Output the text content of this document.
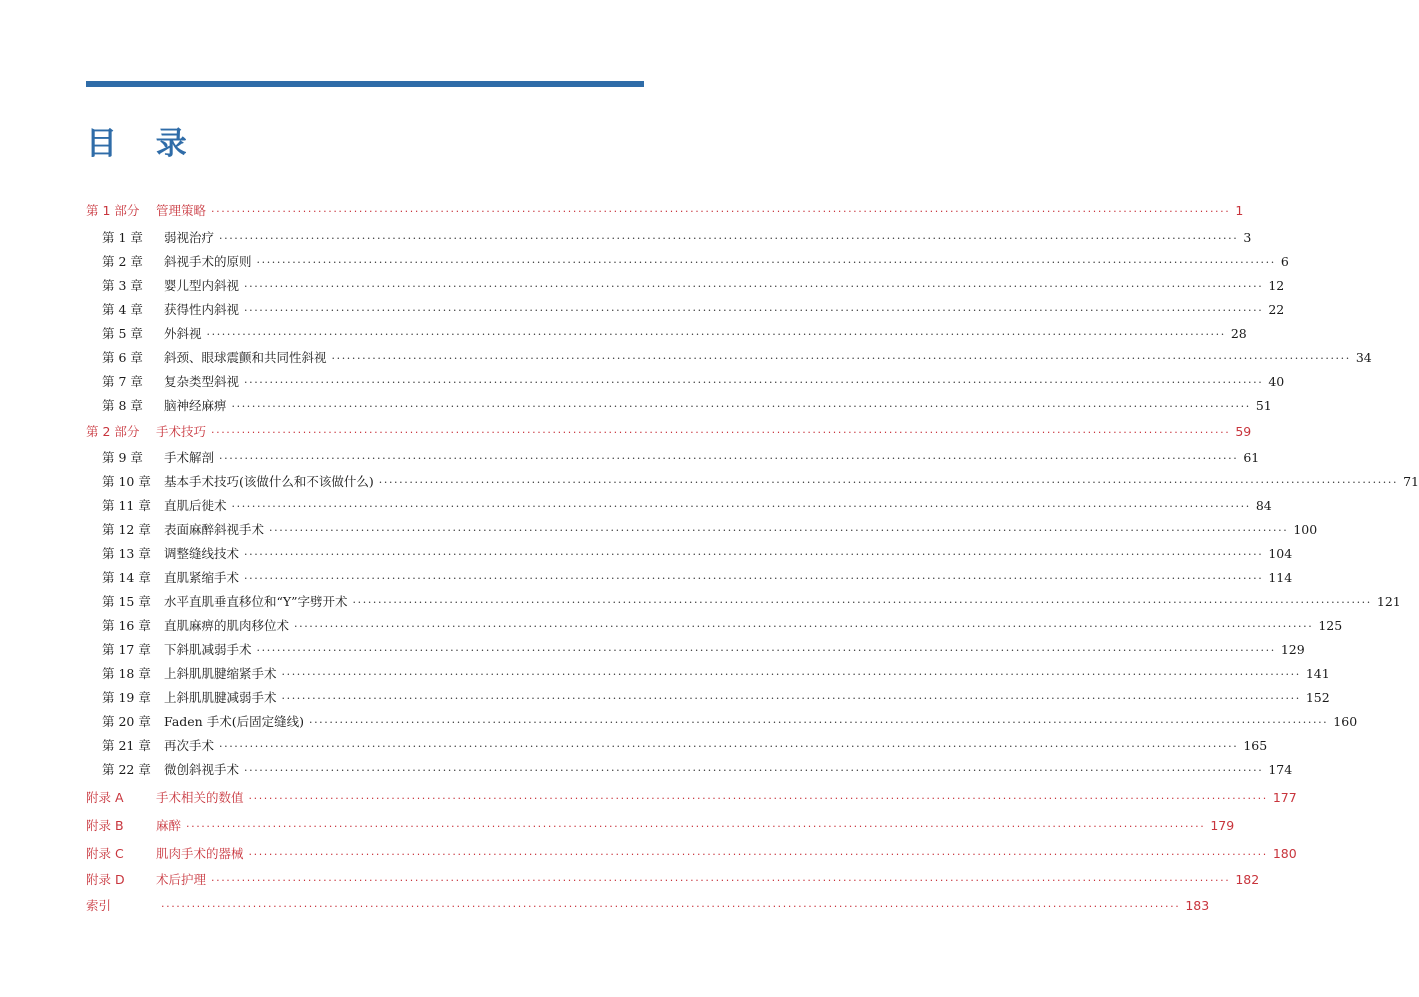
目 录
第 1 部分	管理策略 ········································································································································································································ 1
第 1 章	弱视治疗 ········································································································································································································ 3
第 2 章	斜视手术的原则 ········································································································································································································ 6
第 3 章	婴儿型内斜视 ········································································································································································································ 12
第 4 章	获得性内斜视 ········································································································································································································ 22
第 5 章	外斜视 ········································································································································································································ 28
第 6 章	斜颈、眼球震颤和共同性斜视 ········································································································································································································ 34
第 7 章	复杂类型斜视 ········································································································································································································ 40
第 8 章	脑神经麻痹 ········································································································································································································ 51
第 2 部分	手术技巧 ········································································································································································································ 59
第 9 章	手术解剖 ········································································································································································································ 61
第 10 章	基本手术技巧(该做什么和不该做什么) ········································································································································································································ 71
第 11 章	直肌后徙术 ········································································································································································································ 84
第 12 章	表面麻醉斜视手术 ········································································································································································································ 100
第 13 章	调整缝线技术 ········································································································································································································ 104
第 14 章	直肌紧缩手术 ········································································································································································································ 114
第 15 章	水平直肌垂直移位和“Y”字劈开术 ········································································································································································································ 121
第 16 章	直肌麻痹的肌肉移位术 ········································································································································································································ 125
第 17 章	下斜肌减弱手术 ········································································································································································································ 129
第 18 章	上斜肌肌腱缩紧手术 ········································································································································································································ 141
第 19 章	上斜肌肌腱减弱手术 ········································································································································································································ 152
第 20 章	Faden 手术(后固定缝线) ········································································································································································································ 160
第 21 章	再次手术 ········································································································································································································ 165
第 22 章	微创斜视手术 ········································································································································································································ 174
附录 A	手术相关的数值 ········································································································································································································ 177
附录 B	麻醉 ········································································································································································································ 179
附录 C	肌肉手术的器械 ········································································································································································································ 180
附录 D	术后护理 ········································································································································································································ 182
索引	········································································································································································································ 183
